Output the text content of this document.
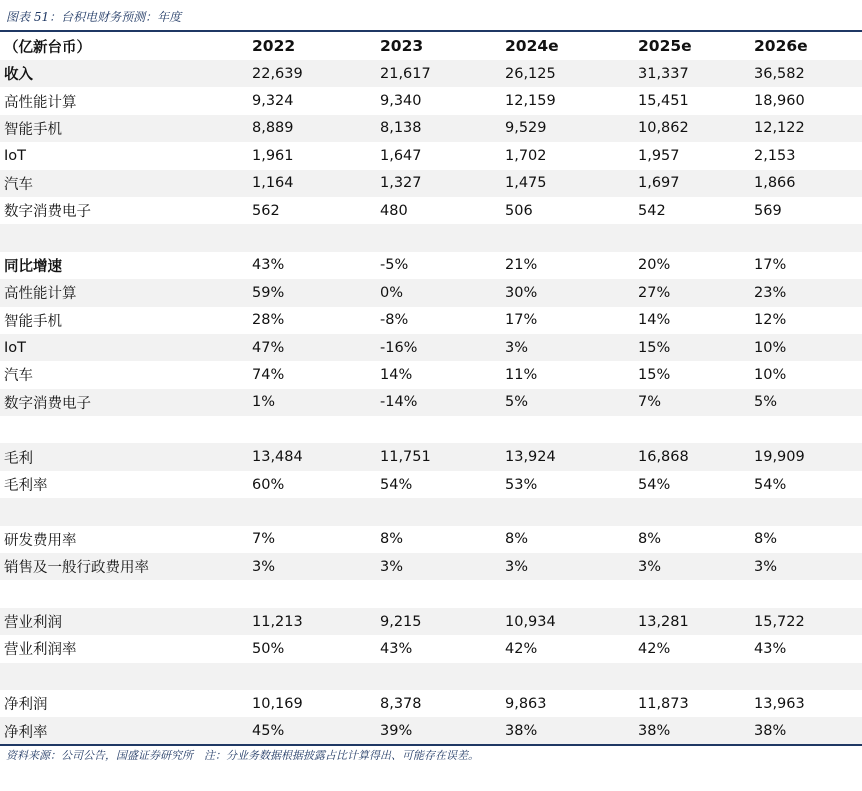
图表 51：台积电财务预测：年度
（亿新台币）	2022	2023	2024e	2025e	2026e
收入	22,639	21,617	26,125	31,337	36,582
高性能计算	9,324	9,340	12,159	15,451	18,960
智能手机	8,889	8,138	9,529	10,862	12,122
IoT	1,961	1,647	1,702	1,957	2,153
汽车	1,164	1,327	1,475	1,697	1,866
数字消费电子	562	480	506	542	569

同比增速	43%	-5%	21%	20%	17%
高性能计算	59%	0%	30%	27%	23%
智能手机	28%	-8%	17%	14%	12%
IoT	47%	-16%	3%	15%	10%
汽车	74%	14%	11%	15%	10%
数字消费电子	1%	-14%	5%	7%	5%

毛利	13,484	11,751	13,924	16,868	19,909
毛利率	60%	54%	53%	54%	54%

研发费用率	7%	8%	8%	8%	8%
销售及一般行政费用率	3%	3%	3%	3%	3%

营业利润	11,213	9,215	10,934	13,281	15,722
营业利润率	50%	43%	42%	42%	43%

净利润	10,169	8,378	9,863	11,873	13,963
净利率	45%	39%	38%	38%	38%
资料来源：公司公告，国盛证券研究所　注：分业务数据根据披露占比计算得出、可能存在误差。
